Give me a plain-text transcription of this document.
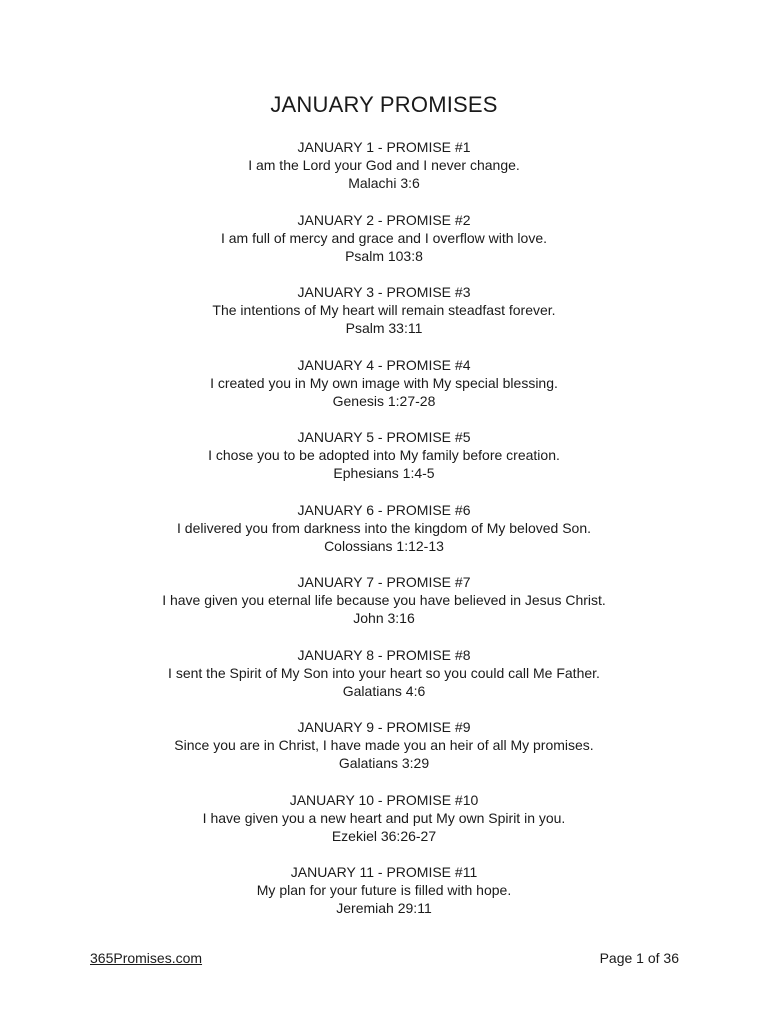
JANUARY PROMISES
JANUARY 1 - PROMISE #1
I am the Lord your God and I never change.
Malachi 3:6
JANUARY 2 - PROMISE #2
I am full of mercy and grace and I overflow with love.
Psalm 103:8
JANUARY 3 - PROMISE #3
The intentions of My heart will remain steadfast forever.
Psalm 33:11
JANUARY 4 - PROMISE #4
I created you in My own image with My special blessing.
Genesis 1:27-28
JANUARY 5 - PROMISE #5
I chose you to be adopted into My family before creation.
Ephesians 1:4-5
JANUARY 6 - PROMISE #6
I delivered you from darkness into the kingdom of My beloved Son.
Colossians 1:12-13
JANUARY 7 - PROMISE #7
I have given you eternal life because you have believed in Jesus Christ.
John 3:16
JANUARY 8 - PROMISE #8
I sent the Spirit of My Son into your heart so you could call Me Father.
Galatians 4:6
JANUARY 9 - PROMISE #9
Since you are in Christ, I have made you an heir of all My promises.
Galatians 3:29
JANUARY 10 - PROMISE #10
I have given you a new heart and put My own Spirit in you.
Ezekiel 36:26-27
JANUARY 11 - PROMISE #11
My plan for your future is filled with hope.
Jeremiah 29:11
365Promises.com	Page 1 of 36
